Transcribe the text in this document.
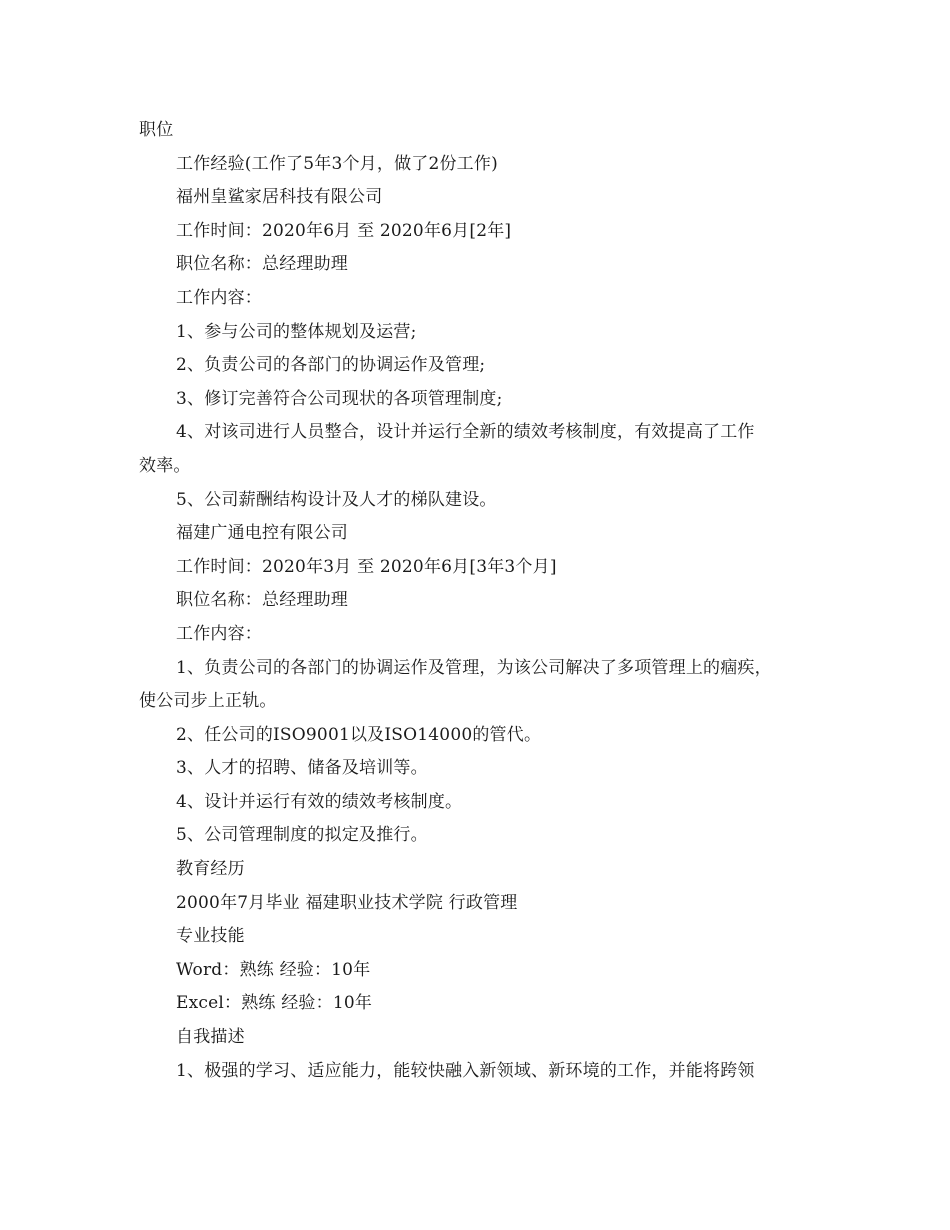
职位
工作经验(工作了5年3个月，做了2份工作)
福州皇鲨家居科技有限公司
工作时间：2020年6月 至 2020年6月[2年]
职位名称：总经理助理
工作内容：
1、参与公司的整体规划及运营;
2、负责公司的各部门的协调运作及管理;
3、修订完善符合公司现状的各项管理制度;
4、对该司进行人员整合，设计并运行全新的绩效考核制度，有效提高了工作
效率。
5、公司薪酬结构设计及人才的梯队建设。
福建广通电控有限公司
工作时间：2020年3月 至 2020年6月[3年3个月]
职位名称：总经理助理
工作内容：
1、负责公司的各部门的协调运作及管理，为该公司解决了多项管理上的痼疾，
使公司步上正轨。
2、任公司的ISO9001以及ISO14000的管代。
3、人才的招聘、储备及培训等。
4、设计并运行有效的绩效考核制度。
5、公司管理制度的拟定及推行。
教育经历
2000年7月毕业 福建职业技术学院 行政管理
专业技能
Word：熟练 经验：10年
Excel：熟练 经验：10年
自我描述
1、极强的学习、适应能力，能较快融入新领域、新环境的工作，并能将跨领
